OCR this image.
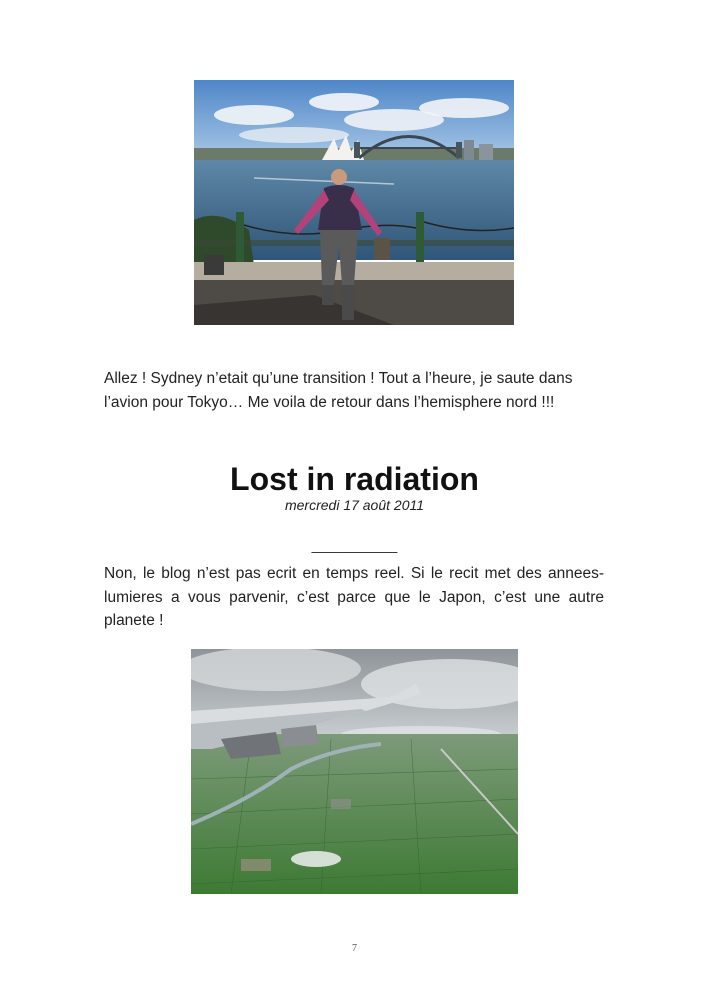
Allez ! Sydney n’etait qu’une transition ! Tout a l’heure, je saute dans l’avion pour Tokyo… Me voila de retour dans l’hemisphere nord !!!

Lost in radiation
mercredi 17 août 2011
___________

Non, le blog n’est pas ecrit en temps reel. Si le recit met des annees-lumieres a vous parvenir, c’est parce que le Japon, c’est une autre planete !

7
